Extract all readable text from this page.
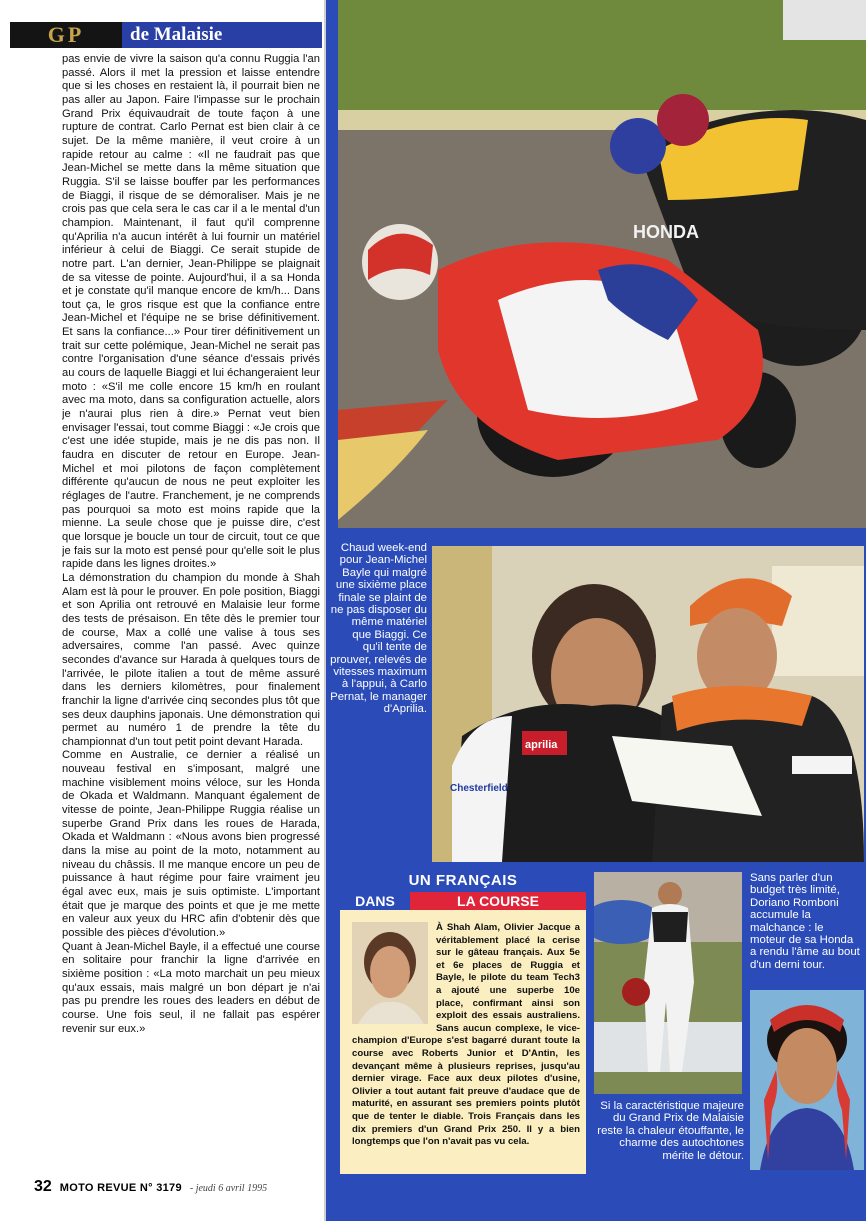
GP	de Malaisie

pas envie de vivre la saison qu'a connu Ruggia l'an passé. Alors il met la pression et laisse entendre que si les choses en restaient là, il pourrait bien ne pas aller au Japon. Faire l'impasse sur le prochain Grand Prix équivaudrait de toute façon à une rupture de contrat. Carlo Pernat est bien clair à ce sujet. De la même manière, il veut croire à un rapide retour au calme : «Il ne faudrait pas que Jean-Michel se mette dans la même situation que Ruggia. S'il se laisse bouffer par les performances de Biaggi, il risque de se démoraliser. Mais je ne crois pas que cela sera le cas car il a le mental d'un champion. Maintenant, il faut qu'il comprenne qu'Aprilia n'a aucun intérêt à lui fournir un matériel inférieur à celui de Biaggi. Ce serait stupide de notre part. L'an dernier, Jean-Philippe se plaignait de sa vitesse de pointe. Aujourd'hui, il a sa Honda et je constate qu'il manque encore de km/h... Dans tout ça, le gros risque est que la confiance entre Jean-Michel et l'équipe ne se brise définitivement. Et sans la confiance...» Pour tirer définitivement un trait sur cette polémique, Jean-Michel ne serait pas contre l'organisation d'une séance d'essais privés au cours de laquelle Biaggi et lui échangeraient leur moto : «S'il me colle encore 15 km/h en roulant avec ma moto, dans sa configuration actuelle, alors je n'aurai plus rien à dire.» Pernat veut bien envisager l'essai, tout comme Biaggi : «Je crois que c'est une idée stupide, mais je ne dis pas non. Il faudra en discuter de retour en Europe. Jean-Michel et moi pilotons de façon complètement différente qu'aucun de nous ne peut exploiter les réglages de l'autre. Franchement, je ne comprends pas pourquoi sa moto est moins rapide que la mienne. La seule chose que je puisse dire, c'est que lorsque je boucle un tour de circuit, tout ce que je fais sur la moto est pensé pour qu'elle soit le plus rapide dans les lignes droites.»

La démonstration du champion du monde à Shah Alam est là pour le prouver. En pole position, Biaggi et son Aprilia ont retrouvé en Malaisie leur forme des tests de présaison. En tête dès le premier tour de course, Max a collé une valise à tous ses adversaires, comme l'an passé. Avec quinze secondes d'avance sur Harada à quelques tours de l'arrivée, le pilote italien a tout de même assuré dans les derniers kilomètres, pour finalement franchir la ligne d'arrivée cinq secondes plus tôt que ses deux dauphins japonais. Une démonstration qui permet au numéro 1 de prendre la tête du championnat d'un tout petit point devant Harada.

Comme en Australie, ce dernier a réalisé un nouveau festival en s'imposant, malgré une machine visiblement moins véloce, sur les Honda de Okada et Waldmann. Manquant également de vitesse de pointe, Jean-Philippe Ruggia réalise un superbe Grand Prix dans les roues de Harada, Okada et Waldmann : «Nous avons bien progressé dans la mise au point de la moto, notamment au niveau du châssis. Il me manque encore un peu de puissance à haut régime pour faire vraiment jeu égal avec eux, mais je suis optimiste. L'important était que je marque des points et que je me mette en valeur aux yeux du HRC afin d'obtenir dès que possible des pièces d'évolution.»

Quant à Jean-Michel Bayle, il a effectué une course en solitaire pour franchir la ligne d'arrivée en sixième position : «La moto marchait un peu mieux qu'aux essais, mais malgré un bon départ je n'ai pas pu prendre les roues des leaders en début de course. Une fois seul, il ne fallait pas espérer revenir sur eux.»

32 MOTO REVUE N° 3179 - jeudi 6 avril 1995
HONDA
1
aprilia
Chesterfield
Chaud week-end pour Jean-Michel Bayle qui malgré une sixième place finale se plaint de ne pas disposer du même matériel que Biaggi. Ce qu'il tente de prouver, relevés de vitesses maximum à l'appui, à Carlo Pernat, le manager d'Aprilia.
UN FRANÇAIS
DANS	LA COURSE

À Shah Alam, Olivier Jacque a véritablement placé la cerise sur le gâteau français. Aux 5e et 6e places de Ruggia et Bayle, le pilote du team Tech3 a ajouté une superbe 10e place, confirmant ainsi son exploit des essais australiens. Sans aucun complexe, le vice-champion d'Europe s'est bagarré durant toute la course avec Roberts Junior et D'Antin, les devançant même à plusieurs reprises, jusqu'au dernier virage. Face aux deux pilotes d'usine, Olivier a tout autant fait preuve d'audace que de maturité, en assurant ses premiers points plutôt que de tenter le diable. Trois Français dans les dix premiers d'un Grand Prix 250. Il y a bien longtemps que l'on n'avait pas vu cela.

Sans parler d'un budget très limité, Doriano Romboni accumule la malchance : le moteur de sa Honda a rendu l'âme au bout d'un derni tour.
Si la caractéristique majeure du Grand Prix de Malaisie reste la chaleur étouffante, le charme des autochtones mérite le détour.
